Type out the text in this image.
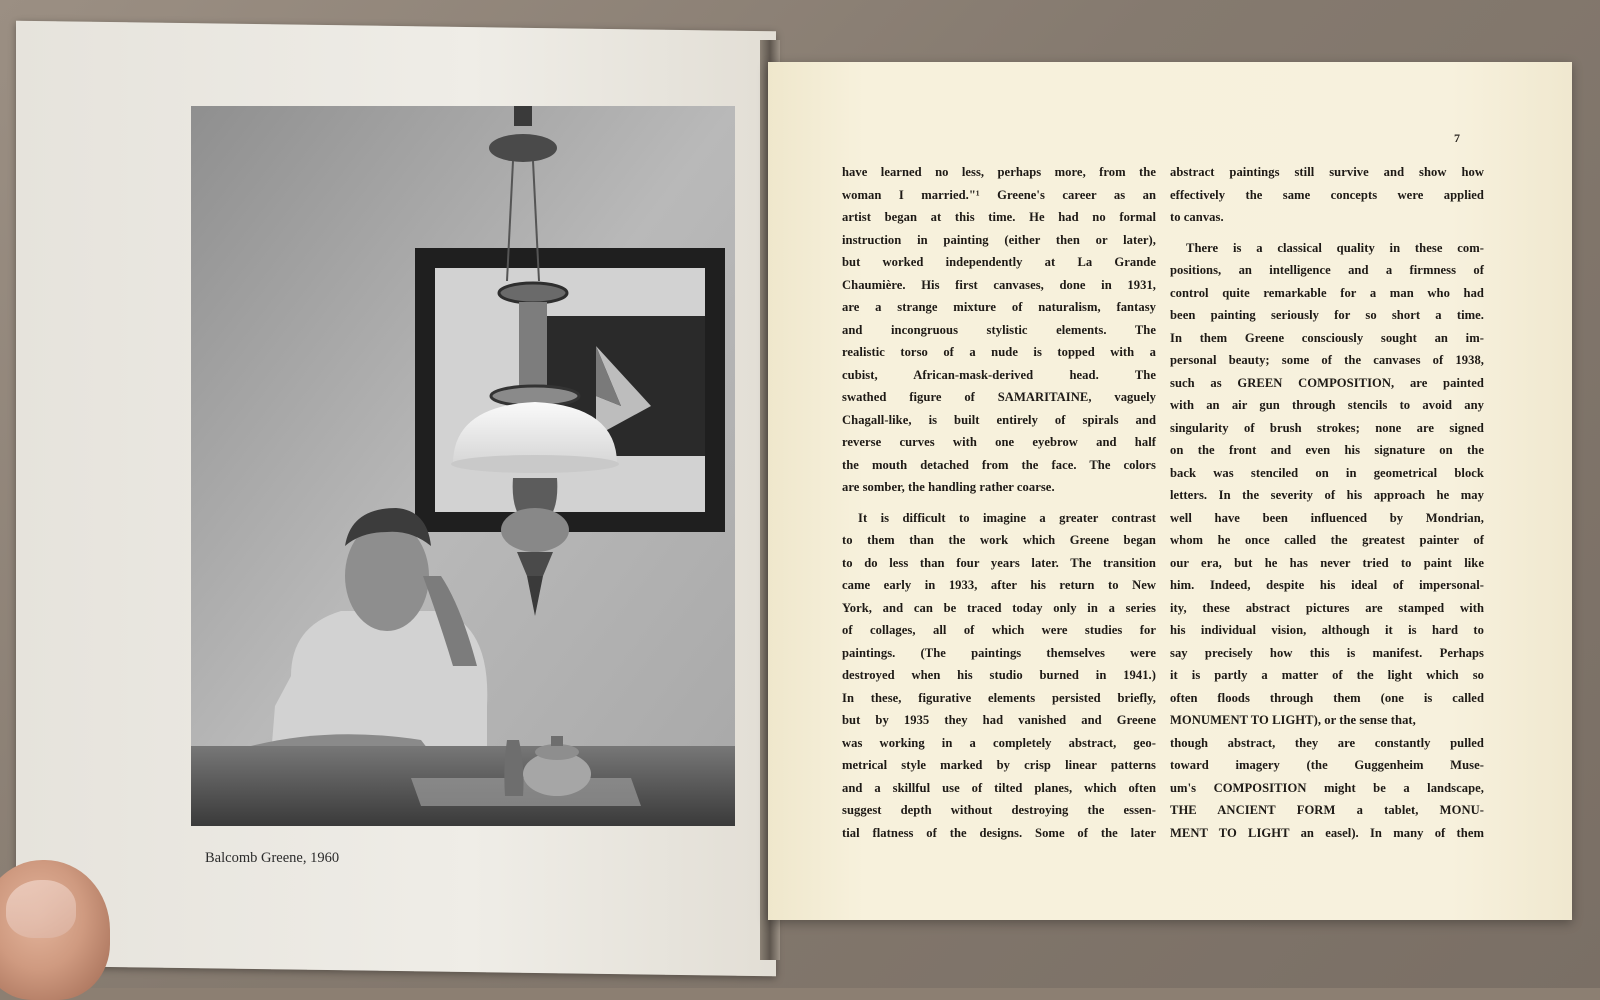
Balcomb Greene, 1960
7
have learned no less, perhaps more, from the
woman I married."¹ Greene's career as an
artist began at this time. He had no formal
instruction in painting (either then or later),
but worked independently at La Grande
Chaumière. His first canvases, done in 1931,
are a strange mixture of naturalism, fantasy
and incongruous stylistic elements. The
realistic torso of a nude is topped with a
cubist, African-mask-derived head. The
swathed figure of SAMARITAINE, vaguely
Chagall-like, is built entirely of spirals and
reverse curves with one eyebrow and half
the mouth detached from the face. The colors
are somber, the handling rather coarse.
It is difficult to imagine a greater contrast
to them than the work which Greene began
to do less than four years later. The transition
came early in 1933, after his return to New
York, and can be traced today only in a series
of collages, all of which were studies for
paintings. (The paintings themselves were
destroyed when his studio burned in 1941.)
In these, figurative elements persisted briefly,
but by 1935 they had vanished and Greene
was working in a completely abstract, geo-
metrical style marked by crisp linear patterns
and a skillful use of tilted planes, which often
suggest depth without destroying the essen-
tial flatness of the designs. Some of the later
abstract paintings still survive and show how
effectively the same concepts were applied
to canvas.
There is a classical quality in these com-
positions, an intelligence and a firmness of
control quite remarkable for a man who had
been painting seriously for so short a time.
In them Greene consciously sought an im-
personal beauty; some of the canvases of 1938,
such as GREEN COMPOSITION, are painted
with an air gun through stencils to avoid any
singularity of brush strokes; none are signed
on the front and even his signature on the
back was stenciled on in geometrical block
letters. In the severity of his approach he may
well have been influenced by Mondrian,
whom he once called the greatest painter of
our era, but he has never tried to paint like
him. Indeed, despite his ideal of impersonal-
ity, these abstract pictures are stamped with
his individual vision, although it is hard to
say precisely how this is manifest. Perhaps
it is partly a matter of the light which so
often floods through them (one is called
MONUMENT TO LIGHT), or the sense that,
though abstract, they are constantly pulled
toward imagery (the Guggenheim Muse-
um's COMPOSITION might be a landscape,
THE ANCIENT FORM a tablet, MONU-
MENT TO LIGHT an easel). In many of them
